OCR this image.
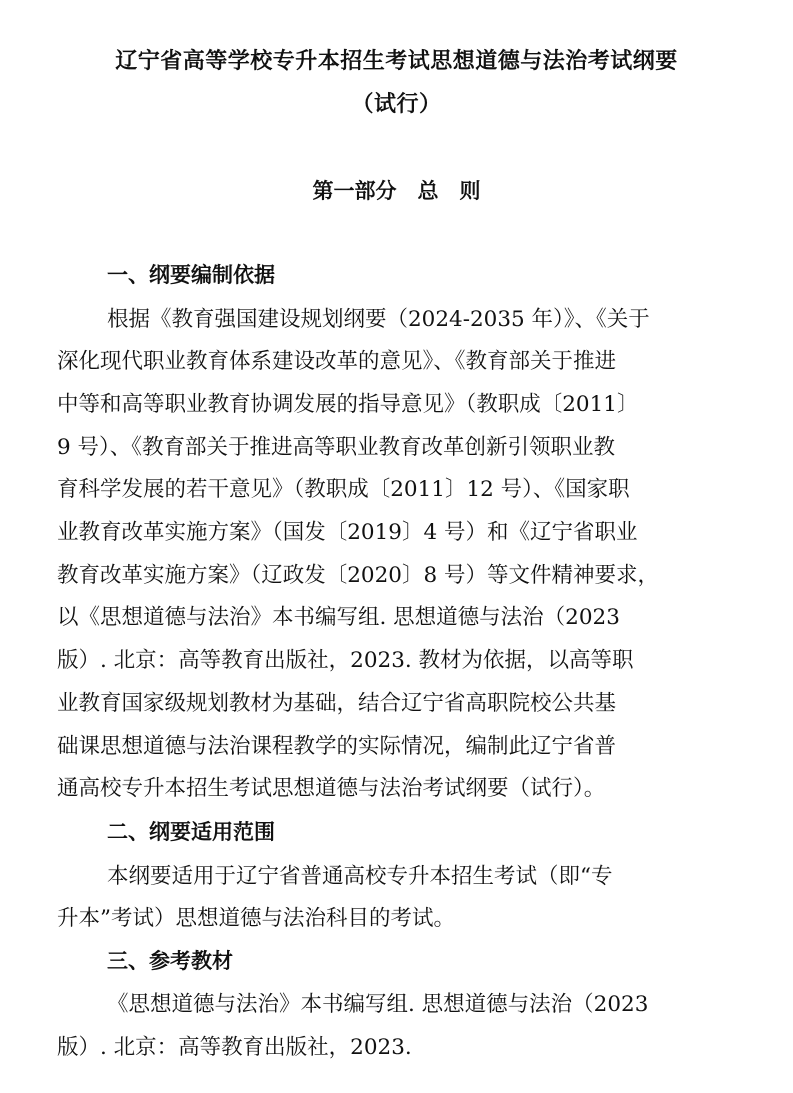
辽宁省高等学校专升本招生考试思想道德与法治考试纲要
（试行）
第一部分　总　则
一、纲要编制依据
根据《教育强国建设规划纲要（2024-2035 年）》、《关于
深化现代职业教育体系建设改革的意见》、《教育部关于推进
中等和高等职业教育协调发展的指导意见》（教职成〔2011〕
9 号）、《教育部关于推进高等职业教育改革创新引领职业教
育科学发展的若干意见》（教职成〔2011〕12 号）、《国家职
业教育改革实施方案》（国发〔2019〕4 号）和《辽宁省职业
教育改革实施方案》（辽政发〔2020〕8 号）等文件精神要求，
以《思想道德与法治》本书编写组. 思想道德与法治（2023
版）. 北京：高等教育出版社，2023. 教材为依据，以高等职
业教育国家级规划教材为基础，结合辽宁省高职院校公共基
础课思想道德与法治课程教学的实际情况，编制此辽宁省普
通高校专升本招生考试思想道德与法治考试纲要（试行）。
二、纲要适用范围
本纲要适用于辽宁省普通高校专升本招生考试（即“专
升本”考试）思想道德与法治科目的考试。
三、参考教材
《思想道德与法治》本书编写组. 思想道德与法治（2023
版）. 北京：高等教育出版社，2023.
